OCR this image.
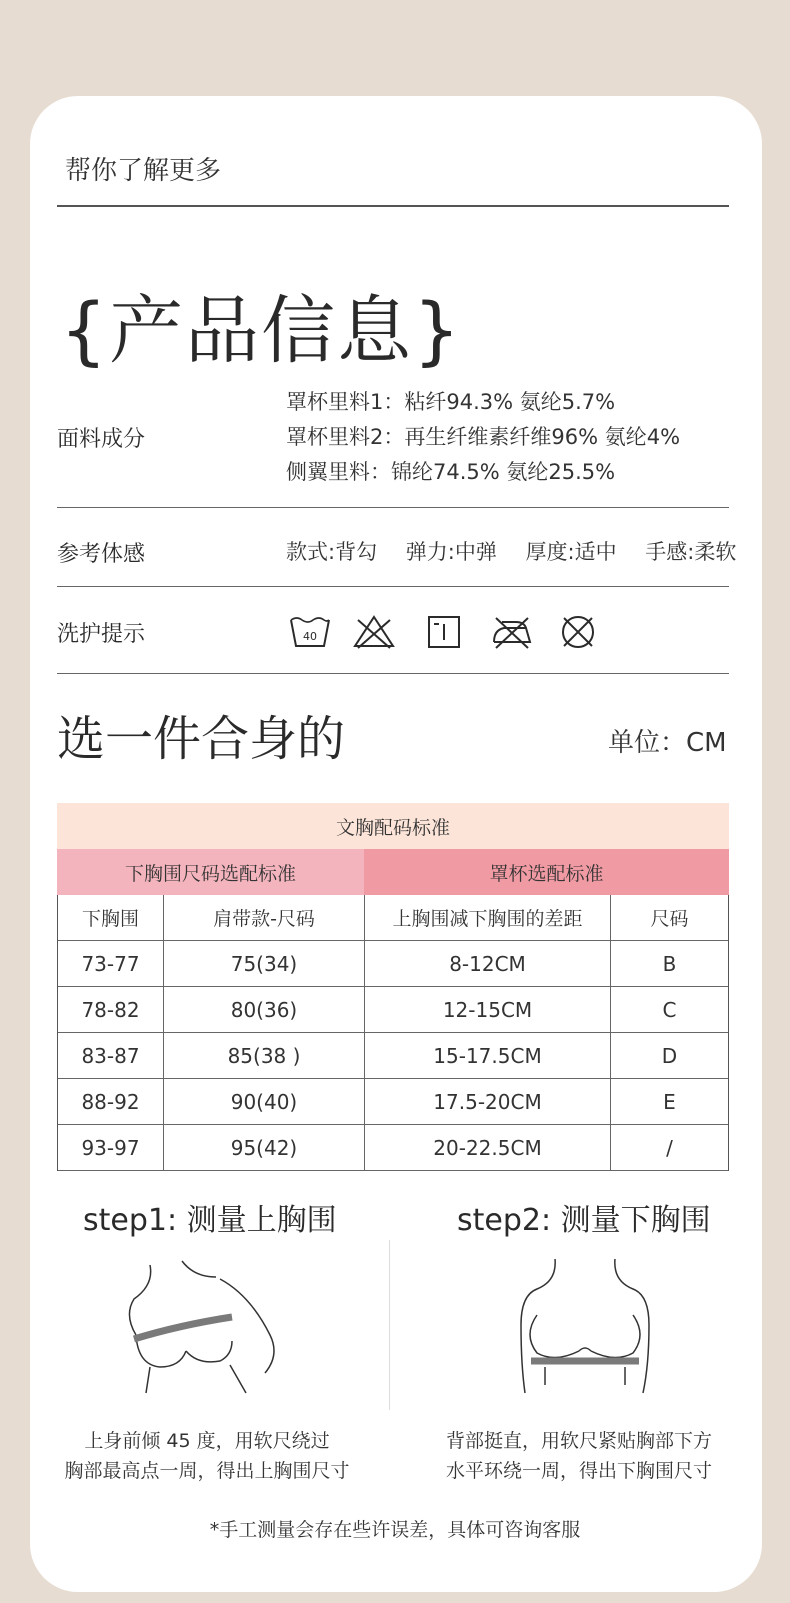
帮你了解更多
{产品信息}
面料成分
罩杯里料1：粘纤94.3% 氨纶5.7%
罩杯里料2：再生纤维素纤维96% 氨纶4%
侧翼里料：锦纶74.5% 氨纶25.5%
参考体感	款式:背勾 弹力:中弹 厚度:适中 手感:柔软
洗护提示	40
选一件合身的	单位：CM
文胸配码标准
下胸围尺码选配标准	罩杯选配标准
下胸围	肩带款-尺码	上胸围减下胸围的差距	尺码
73-77	75(34)	8-12CM	B
78-82	80(36)	12-15CM	C
83-87	85(38 )	15-17.5CM	D
88-92	90(40)	17.5-20CM	E
93-97	95(42)	20-22.5CM	/
step1: 测量上胸围	step2: 测量下胸围
上身前倾 45 度，用软尺绕过
胸部最高点一周，得出上胸围尺寸
背部挺直，用软尺紧贴胸部下方
水平环绕一周，得出下胸围尺寸
*手工测量会存在些许误差，具体可咨询客服
